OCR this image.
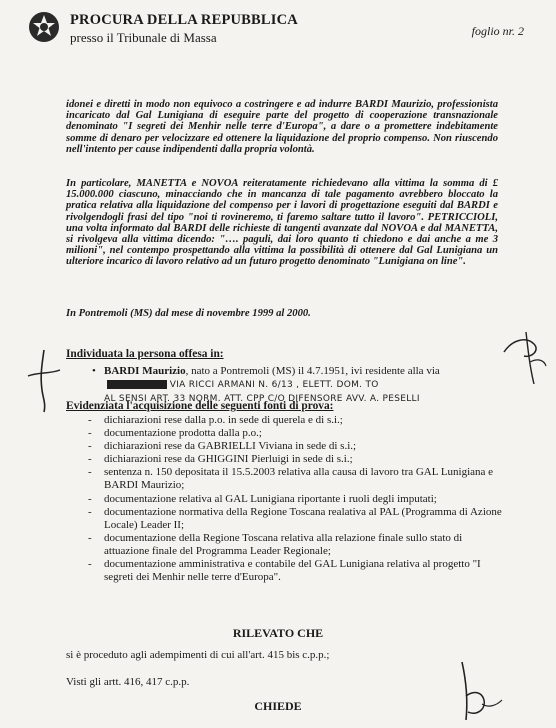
PROCURA DELLA REPUBBLICA
presso il Tribunale di Massa	foglio nr. 2

idonei e diretti in modo non equivoco a costringere e ad indurre BARDI Maurizio, professionista incaricato dal Gal Lunigiana di eseguire parte del progetto di cooperazione transnazionale denominato "I segreti dei Menhir nelle terre d'Europa", a dare o a promettere indebitamente somme di denaro per velocizzare ed ottenere la liquidazione del proprio compenso. Non riuscendo nell'intento per cause indipendenti dalla propria volontà.

In particolare, MANETTA e NOVOA reiteratamente richiedevano alla vittima la somma di £ 15.000.000 ciascuno, minacciando che in mancanza di tale pagamento avrebbero bloccato la pratica relativa alla liquidazione del compenso per i lavori di progettazione eseguiti dal BARDI e rivolgendogli frasi del tipo "noi ti rovineremo, ti faremo saltare tutto il lavoro". PETRICCIOLI, una volta informato dal BARDI delle richieste di tangenti avanzate dal NOVOA e dal MANETTA, si rivolgeva alla vittima dicendo: "…. paguli, dai loro quanto ti chiedono e dai anche a me 3 milioni", nel contempo prospettando alla vittima la possibilità di ottenere dal Gal Lunigiana un ulteriore incarico di lavoro relativo ad un futuro progetto denominato "Lunigiana on line".

In Pontremoli (MS) dal mese di novembre 1999 al 2000.

Individuata la persona offesa in:
• BARDI Maurizio, nato a Pontremoli (MS) il 4.7.1951, ivi residente alla via
VIA RICCI ARMANI N. 6/13 , ELETT. DOM. TO
AL SENSI ART. 33 NORM. ATT. CPP C/O DIFENSORE AVV. A. PESELLI
Evidenziata l'acquisizione delle seguenti fonti di prova:
- dichiarazioni rese dalla p.o. in sede di querela e di s.i.;
- documentazione prodotta dalla p.o.;
- dichiarazioni rese da GABRIELLI Viviana in sede di s.i.;
- dichiarazioni rese da GHIGGINI Pierluigi in sede di s.i.;
- sentenza n. 150 depositata il 15.5.2003 relativa alla causa di lavoro tra GAL Lunigiana e BARDI Maurizio;
- documentazione relativa al GAL Lunigiana riportante i ruoli degli imputati;
- documentazione normativa della Regione Toscana realativa al PAL (Programma di Azione Locale) Leader II;
- documentazione della Regione Toscana relativa alla relazione finale sullo stato di attuazione finale del Programma Leader Regionale;
- documentazione amministrativa e contabile del GAL Lunigiana relativa al progetto "I segreti dei Menhir nelle terre d'Europa".
RILEVATO CHE
si è proceduto agli adempimenti di cui all'art. 415 bis c.p.p.;
Visti gli artt. 416, 417 c.p.p.
CHIEDE
